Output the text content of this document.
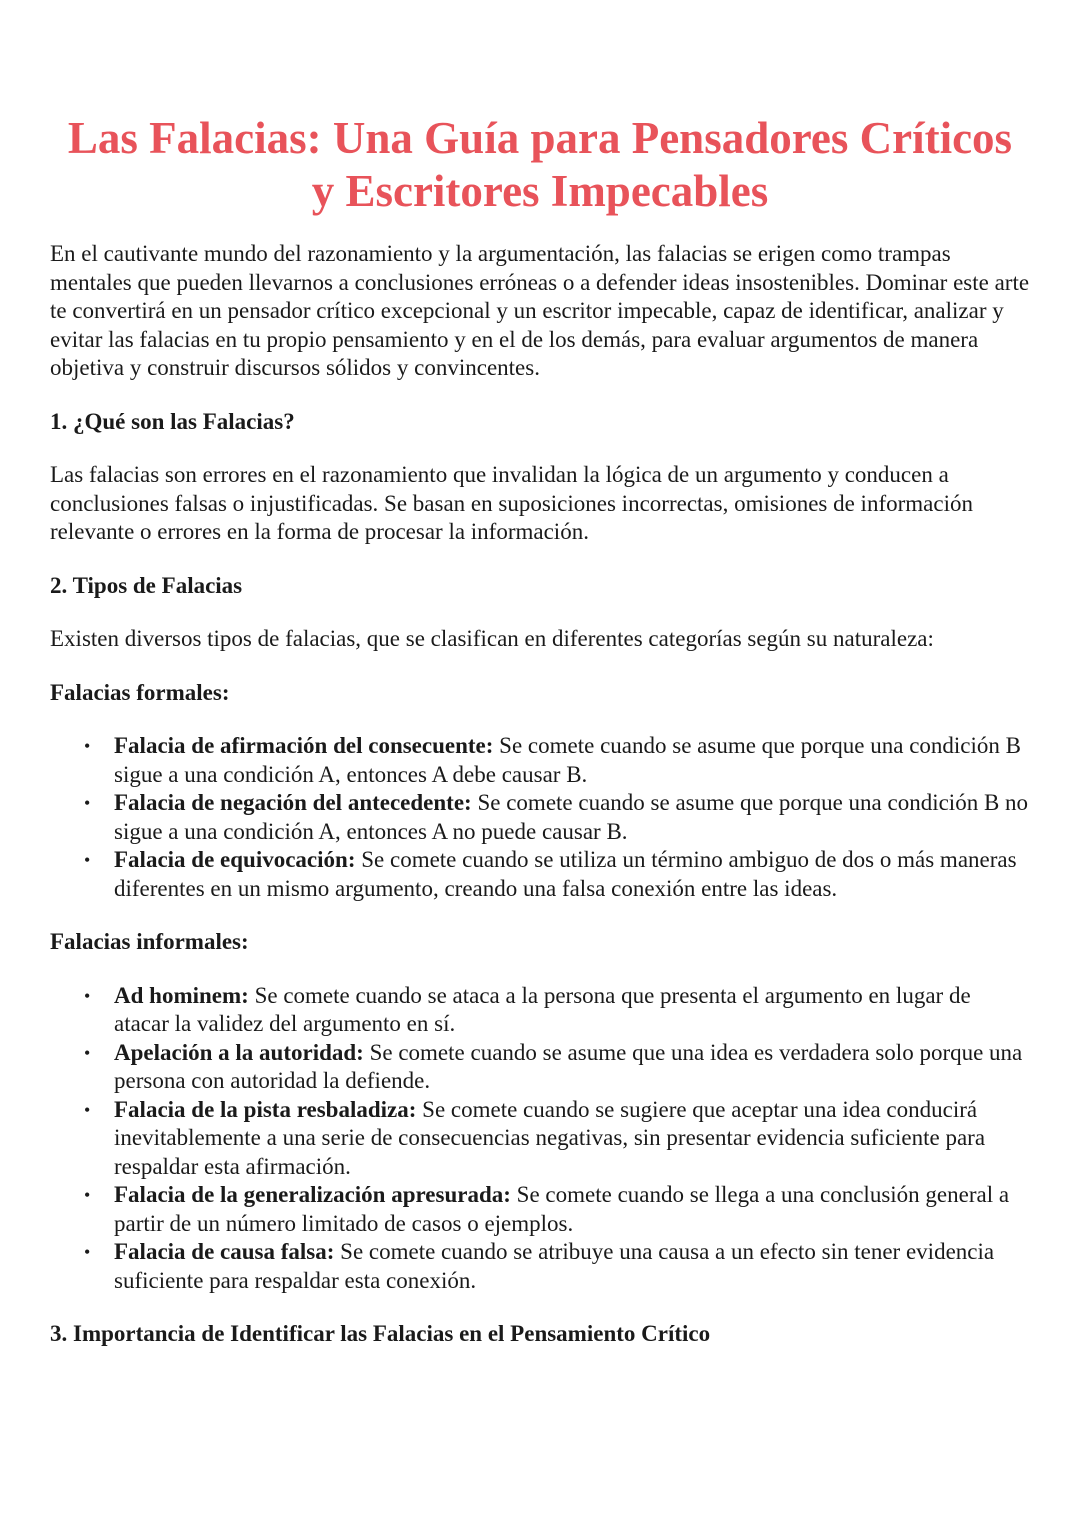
Las Falacias: Una Guía para Pensadores Críticos
y Escritores Impecables

En el cautivante mundo del razonamiento y la argumentación, las falacias se erigen como trampas mentales que pueden llevarnos a conclusiones erróneas o a defender ideas insostenibles. Dominar este arte te convertirá en un pensador crítico excepcional y un escritor impecable, capaz de identificar, analizar y evitar las falacias en tu propio pensamiento y en el de los demás, para evaluar argumentos de manera objetiva y construir discursos sólidos y convincentes.

1. ¿Qué son las Falacias?

Las falacias son errores en el razonamiento que invalidan la lógica de un argumento y conducen a conclusiones falsas o injustificadas. Se basan en suposiciones incorrectas, omisiones de información relevante o errores en la forma de procesar la información.

2. Tipos de Falacias

Existen diversos tipos de falacias, que se clasifican en diferentes categorías según su naturaleza:

Falacias formales:
• Falacia de afirmación del consecuente: Se comete cuando se asume que porque una condición B sigue a una condición A, entonces A debe causar B.
• Falacia de negación del antecedente: Se comete cuando se asume que porque una condición B no sigue a una condición A, entonces A no puede causar B.
• Falacia de equivocación: Se comete cuando se utiliza un término ambiguo de dos o más maneras diferentes en un mismo argumento, creando una falsa conexión entre las ideas.
Falacias informales:
• Ad hominem: Se comete cuando se ataca a la persona que presenta el argumento en lugar de atacar la validez del argumento en sí.
• Apelación a la autoridad: Se comete cuando se asume que una idea es verdadera solo porque una persona con autoridad la defiende.
• Falacia de la pista resbaladiza: Se comete cuando se sugiere que aceptar una idea conducirá inevitablemente a una serie de consecuencias negativas, sin presentar evidencia suficiente para respaldar esta afirmación.
• Falacia de la generalización apresurada: Se comete cuando se llega a una conclusión general a partir de un número limitado de casos o ejemplos.
• Falacia de causa falsa: Se comete cuando se atribuye una causa a un efecto sin tener evidencia suficiente para respaldar esta conexión.
3. Importancia de Identificar las Falacias en el Pensamiento Crítico
